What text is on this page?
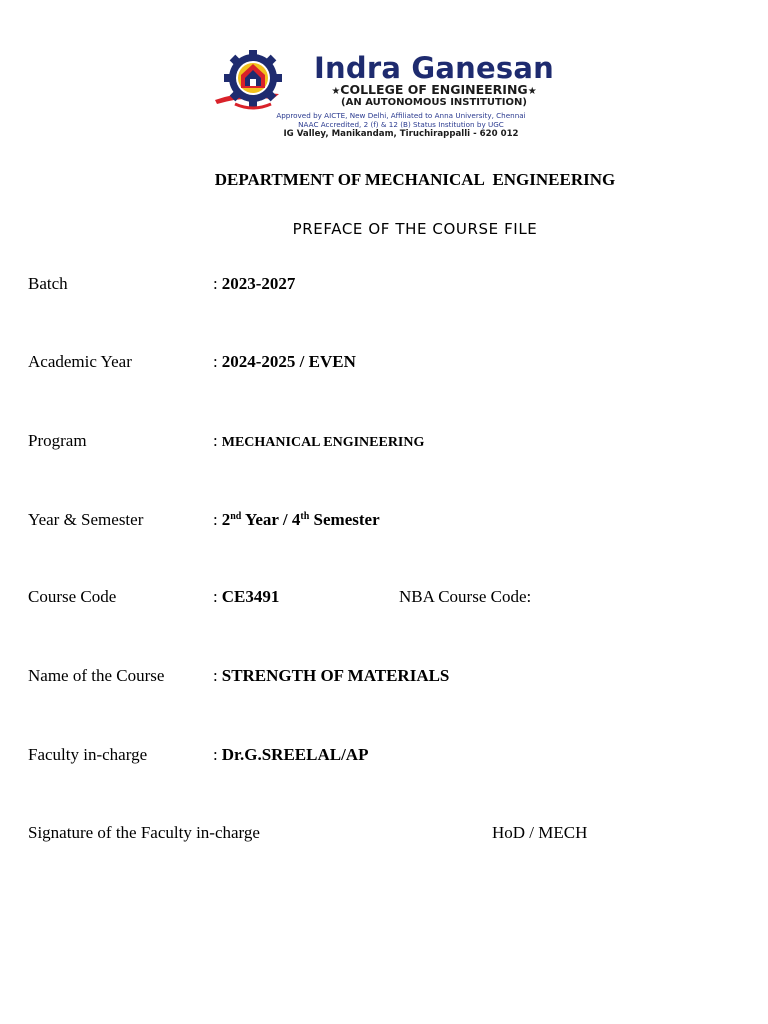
Indra Ganesan
★COLLEGE OF ENGINEERING★
(AN AUTONOMOUS INSTITUTION)
Approved by AICTE, New Delhi, Affiliated to Anna University, Chennai
NAAC Accredited, 2 (f) & 12 (B) Status Institution by UGC
IG Valley, Manikandam, Tiruchirappalli - 620 012
DEPARTMENT OF MECHANICAL  ENGINEERING
PREFACE OF THE COURSE FILE
Batch	: 2023-2027
Academic Year	: 2024-2025 / EVEN
Program	: MECHANICAL ENGINEERING
Year & Semester	: 2nd Year / 4th Semester
Course Code	: CE3491	NBA Course Code:
Name of the Course	: STRENGTH OF MATERIALS
Faculty in-charge	: Dr.G.SREELAL/AP
Signature of the Faculty in-charge	HoD / MECH
